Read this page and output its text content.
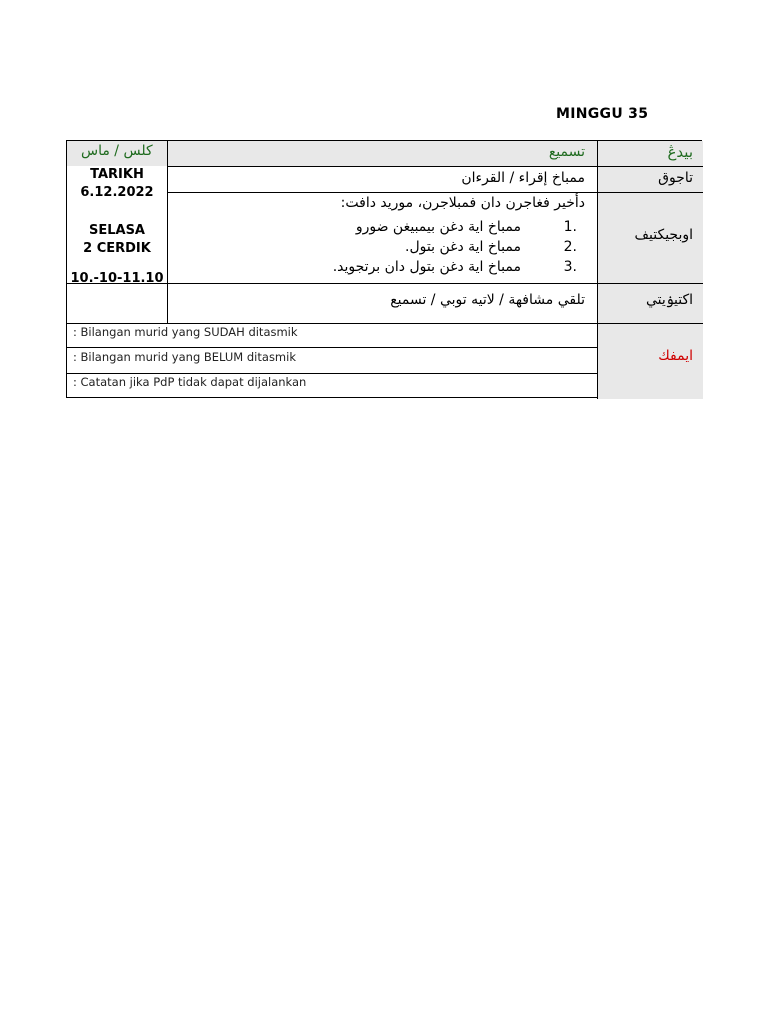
MINGGU 35
بيدڠ
تسميع
كلس / ماس
تاجوق
ممباخ إقراء / القرءان
اوبجيكتيف
دأخير فغاجرن دان فمبلاجرن، موريد دافت:
1.
ممباخ اية دغن بيمبيغن ضورو
2.
ممباخ اية دغن بتول.
3.
ممباخ اية دغن بتول دان برتجويد.
TARIKH
6.12.2022
SELASA
2 CERDIK
10.-10-11.10
اكتيۏيتي
تلقي مشافهة / لاتيه توبي / تسميع
ايمفك
: Bilangan murid yang SUDAH ditasmik
: Bilangan murid yang BELUM ditasmik
: Catatan jika PdP tidak dapat dijalankan
